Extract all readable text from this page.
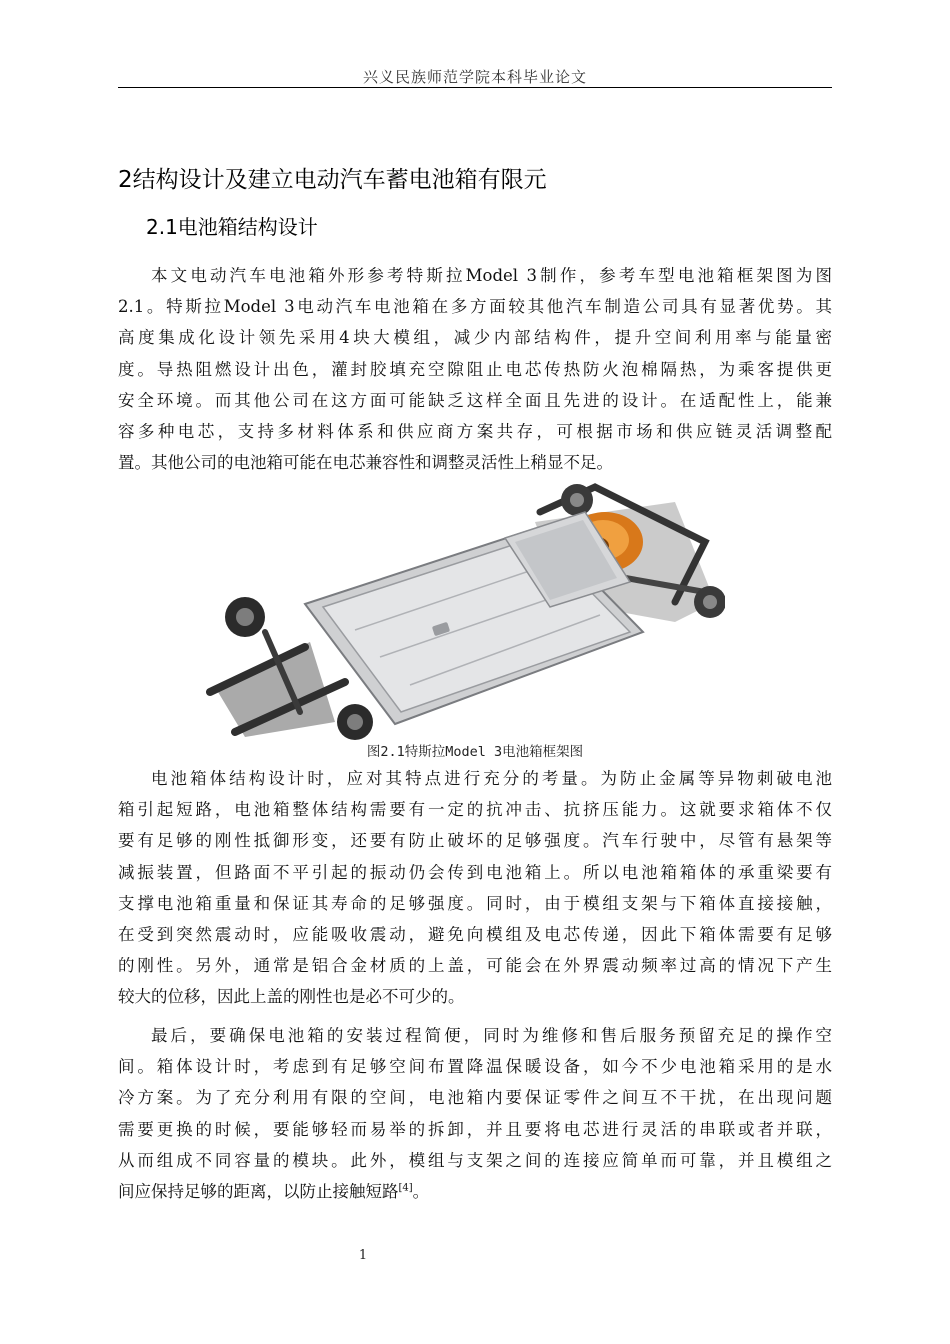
兴义民族师范学院本科毕业论文
2结构设计及建立电动汽车蓄电池箱有限元
2.1电池箱结构设计

本文电动汽车电池箱外形参考特斯拉Model 3制作，参考车型电池箱框架图为图
2.1。特斯拉Model 3电动汽车电池箱在多方面较其他汽车制造公司具有显著优势。其
高度集成化设计领先采用4块大模组，减少内部结构件，提升空间利用率与能量密
度。导热阻燃设计出色，灌封胶填充空隙阻止电芯传热防火泡棉隔热，为乘客提供更
安全环境。而其他公司在这方面可能缺乏这样全面且先进的设计。在适配性上，能兼
容多种电芯，支持多材料体系和供应商方案共存，可根据市场和供应链灵活调整配
置。其他公司的电池箱可能在电芯兼容性和调整灵活性上稍显不足。

图2.1特斯拉Model 3电池箱框架图

电池箱体结构设计时，应对其特点进行充分的考量。为防止金属等异物刺破电池
箱引起短路，电池箱整体结构需要有一定的抗冲击、抗挤压能力。这就要求箱体不仅
要有足够的刚性抵御形变，还要有防止破坏的足够强度。汽车行驶中，尽管有悬架等
减振装置，但路面不平引起的振动仍会传到电池箱上。所以电池箱箱体的承重梁要有
支撑电池箱重量和保证其寿命的足够强度。同时，由于模组支架与下箱体直接接触，
在受到突然震动时，应能吸收震动，避免向模组及电芯传递，因此下箱体需要有足够
的刚性。另外，通常是铝合金材质的上盖，可能会在外界震动频率过高的情况下产生
较大的位移，因此上盖的刚性也是必不可少的。

最后，要确保电池箱的安装过程简便，同时为维修和售后服务预留充足的操作空
间。箱体设计时，考虑到有足够空间布置降温保暖设备，如今不少电池箱采用的是水
冷方案。为了充分利用有限的空间，电池箱内要保证零件之间互不干扰，在出现问题
需要更换的时候，要能够轻而易举的拆卸，并且要将电芯进行灵活的串联或者并联，
从而组成不同容量的模块。此外，模组与支架之间的连接应简单而可靠，并且模组之
间应保持足够的距离，以防止接触短路[4]。

1
